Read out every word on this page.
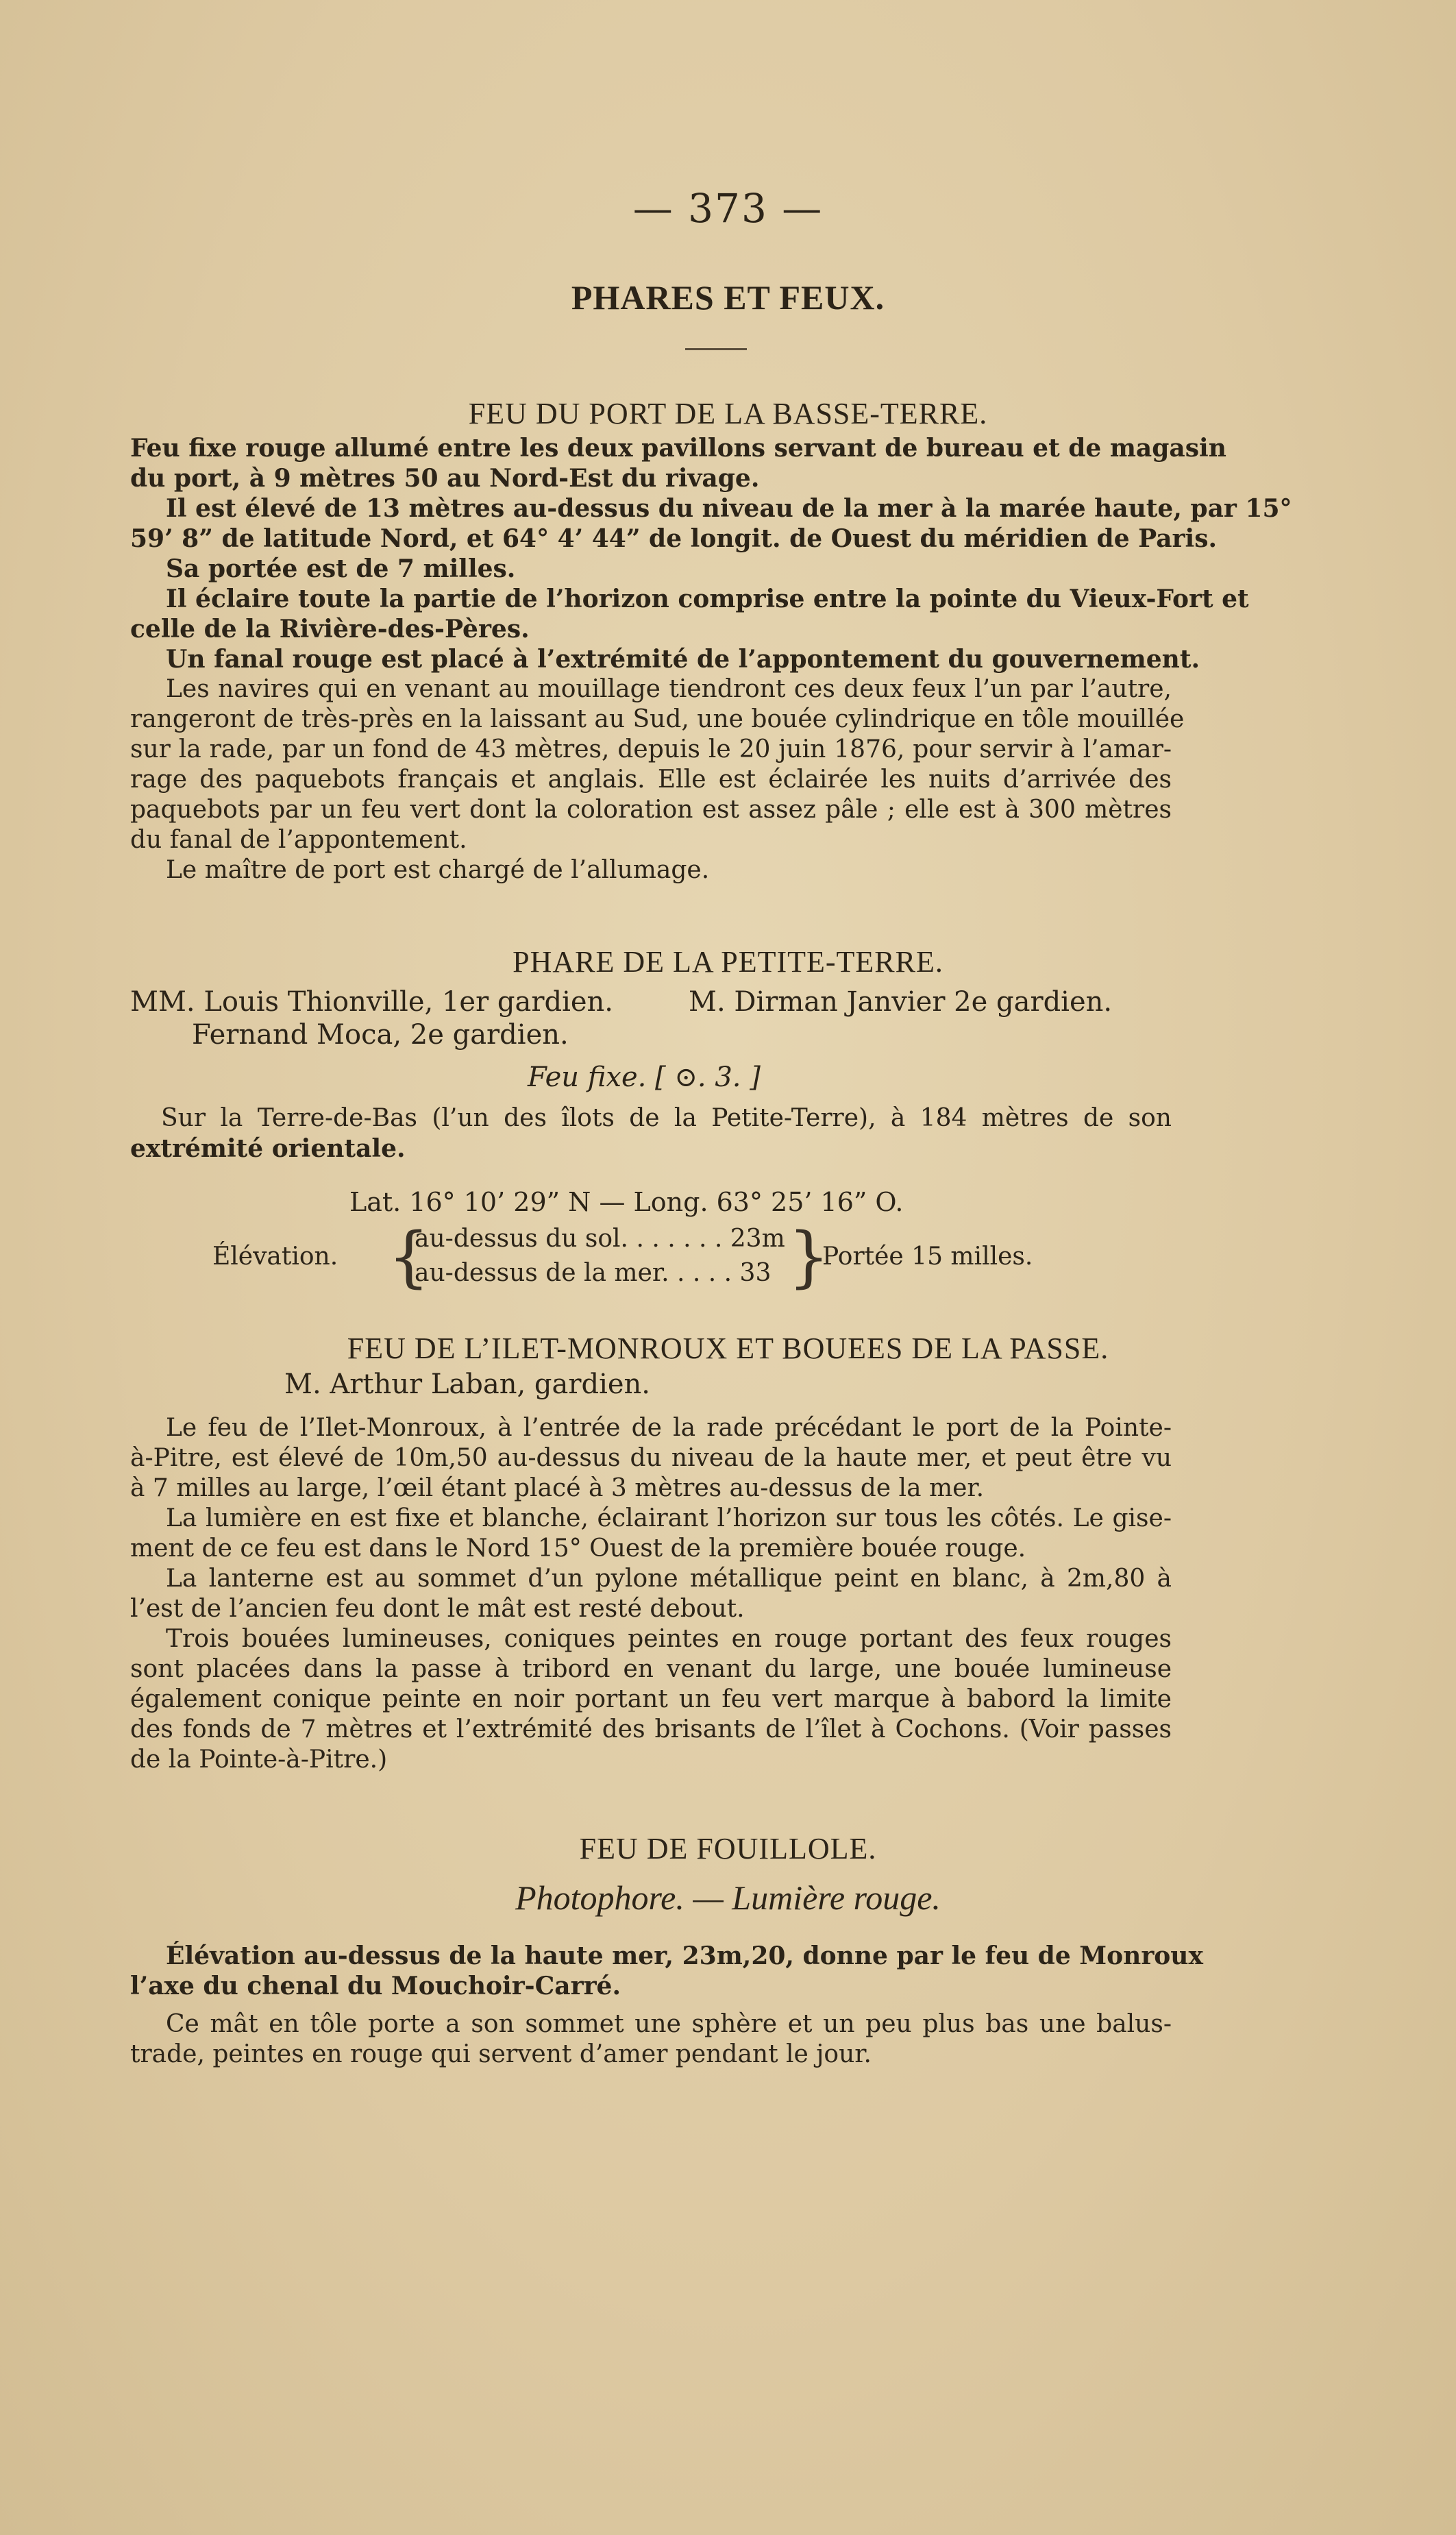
— 373 —
PHARES ET FEUX.
FEU DU PORT DE LA BASSE-TERRE.
Feu fixe rouge allumé entre les deux pavillons servant de bureau et de magasin
du port, à 9 mètres 50 au Nord-Est du rivage.
Il est élevé de 13 mètres au-dessus du niveau de la mer à la marée haute, par 15°
59’ 8” de latitude Nord, et 64° 4’ 44” de longit. de Ouest du méridien de Paris.
Sa portée est de 7 milles.
Il éclaire toute la partie de l’horizon comprise entre la pointe du Vieux-Fort et
celle de la Rivière-des-Pères.
Un fanal rouge est placé à l’extrémité de l’appontement du gouvernement.
Les navires qui en venant au mouillage tiendront ces deux feux l’un par l’autre,
rangeront de très-près en la laissant au Sud, une bouée cylindrique en tôle mouillée
sur la rade, par un fond de 43 mètres, depuis le 20 juin 1876, pour servir à l’amar-
rage des paquebots français et anglais. Elle est éclairée les nuits d’arrivée des
paquebots par un feu vert dont la coloration est assez pâle ; elle est à 300 mètres
du fanal de l’appontement.
Le maître de port est chargé de l’allumage.
PHARE DE LA PETITE-TERRE.
MM. Louis Thionville, 1er gardien.	M. Dirman Janvier 2e gardien.
Fernand Moca, 2e gardien.
Feu fixe. [ ⊙. 3. ]
Sur la Terre-de-Bas (l’un des îlots de la Petite-Terre), à 184 mètres de son
extrémité orientale.
Lat. 16° 10’ 29” N — Long. 63° 25’ 16” O.
Élévation. {
au-dessus du sol. . . . . . . 23m
au-dessus de la mer. . . . . 33 }
Portée 15 milles.
FEU DE L’ILET-MONROUX ET BOUEES DE LA PASSE.
M. Arthur Laban, gardien.
Le feu de l’Ilet-Monroux, à l’entrée de la rade précédant le port de la Pointe-
à-Pitre, est élevé de 10m,50 au-dessus du niveau de la haute mer, et peut être vu
à 7 milles au large, l’œil étant placé à 3 mètres au-dessus de la mer.
La lumière en est fixe et blanche, éclairant l’horizon sur tous les côtés. Le gise-
ment de ce feu est dans le Nord 15° Ouest de la première bouée rouge.
La lanterne est au sommet d’un pylone métallique peint en blanc, à 2m,80 à
l’est de l’ancien feu dont le mât est resté debout.
Trois bouées lumineuses, coniques peintes en rouge portant des feux rouges
sont placées dans la passe à tribord en venant du large, une bouée lumineuse
également conique peinte en noir portant un feu vert marque à babord la limite
des fonds de 7 mètres et l’extrémité des brisants de l’îlet à Cochons. (Voir passes
de la Pointe-à-Pitre.)
FEU DE FOUILLOLE.
Photophore. — Lumière rouge.
Élévation au-dessus de la haute mer, 23m,20, donne par le feu de Monroux
l’axe du chenal du Mouchoir-Carré.
Ce mât en tôle porte a son sommet une sphère et un peu plus bas une balus-
trade, peintes en rouge qui servent d’amer pendant le jour.
